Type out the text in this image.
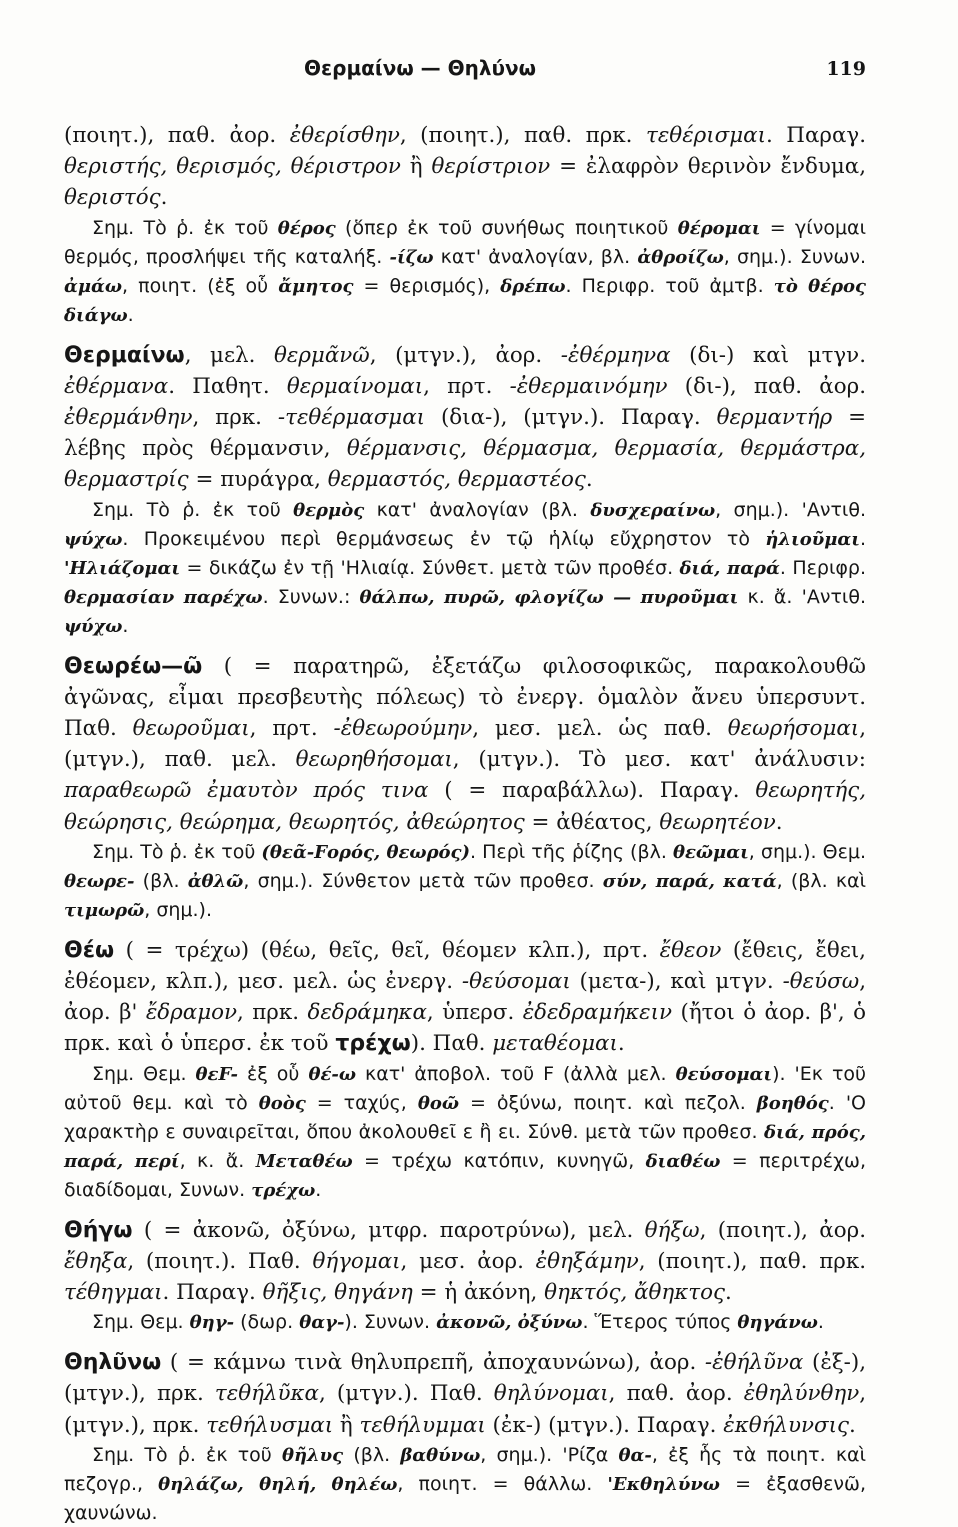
Θερμαίνω — Θηλύνω	119

(ποιητ.), παθ. ἀορ. ἐθερίσθην, (ποιητ.), παθ. πρκ. τεθέρισμαι. Παραγ. θεριστής, θερισμός, θέριστρον ἢ θερίστριον = ἐλαφρὸν θερινὸν ἔνδυμα, θεριστός.

Σημ. Τὸ ῥ. ἐκ τοῦ θέρος (ὅπερ ἐκ τοῦ συνήθως ποιητικοῦ θέρομαι = γίνομαι θερμός, προσλήψει τῆς καταλήξ. -ίζω κατ' ἀναλογίαν, βλ. ἀθροίζω, σημ.). Συνων. ἀμάω, ποιητ. (ἐξ οὗ ἄμητος = θερισμός), δρέπω. Περιφρ. τοῦ ἀμτβ. τὸ θέρος διάγω.

Θερμαίνω, μελ. θερμᾶνῶ, (μτγν.), ἀορ. -ἐθέρμηνα (δι-) καὶ μτγν. ἐθέρμανα. Παθητ. θερμαίνομαι, πρτ. -ἐθερμαινόμην (δι-), παθ. ἀορ. ἐθερμάνθην, πρκ. -τεθέρμασμαι (δια-), (μτγν.). Παραγ. θερμαντήρ = λέβης πρὸς θέρμανσιν, θέρμανσις, θέρμασμα, θερμασία, θερμάστρα, θερμαστρίς = πυράγρα, θερμαστός, θερμαστέος.

Σημ. Τὸ ῥ. ἐκ τοῦ θερμὸς κατ' ἀναλογίαν (βλ. δυσχεραίνω, σημ.). 'Αντιθ. ψύχω. Προκειμένου περὶ θερμάνσεως ἐν τῷ ἡλίῳ εὔχρηστον τὸ ἡλιοῦμαι. 'Ηλιάζομαι = δικάζω ἐν τῇ 'Ηλιαίᾳ. Σύνθετ. μετὰ τῶν προθέσ. διά, παρά. Περιφρ. θερμασίαν παρέχω. Συνων.: θάλπω, πυρῶ, φλογίζω — πυροῦμαι κ. ἄ. 'Αντιθ. ψύχω.

Θεωρέω—ῶ ( = παρατηρῶ, ἐξετάζω φιλοσοφικῶς, παρακολουθῶ ἀγῶνας, εἶμαι πρεσβευτὴς πόλεως) τὸ ἐνεργ. ὁμαλὸν ἄνευ ὑπερσυντ. Παθ. θεωροῦμαι, πρτ. -ἐθεωρούμην, μεσ. μελ. ὡς παθ. θεωρήσομαι, (μτγν.), παθ. μελ. θεωρηθήσομαι, (μτγν.). Τὸ μεσ. κατ' ἀνάλυσιν: παραθεωρῶ ἐμαυτὸν πρός τινα ( = παραβάλλω). Παραγ. θεωρητής, θεώρησις, θεώρημα, θεωρητός, ἀθεώρητος = ἀθέατος, θεωρητέον.

Σημ. Τὸ ῥ. ἐκ τοῦ (θεᾶ-Fορός, θεωρός). Περὶ τῆς ῥίζης (βλ. θεῶμαι, σημ.). Θεμ. θεωρε- (βλ. ἀθλῶ, σημ.). Σύνθετον μετὰ τῶν προθεσ. σύν, παρά, κατά, (βλ. καὶ τιμωρῶ, σημ.).

Θέω ( = τρέχω) (θέω, θεῖς, θεῖ, θέομεν κλπ.), πρτ. ἔθεον (ἔθεις, ἔθει, ἐθέομεν, κλπ.), μεσ. μελ. ὡς ἐνεργ. -θεύσομαι (μετα-), καὶ μτγν. -θεύσω, ἀορ. β' ἔδραμον, πρκ. δεδράμηκα, ὑπερσ. ἐδεδραμήκειν (ἤτοι ὁ ἀορ. β', ὁ πρκ. καὶ ὁ ὑπερσ. ἐκ τοῦ τρέχω). Παθ. μεταθέομαι.

Σημ. Θεμ. θεF- ἐξ οὗ θέ-ω κατ' ἀποβολ. τοῦ F (ἀλλὰ μελ. θεύσομαι). 'Εκ τοῦ αὐτοῦ θεμ. καὶ τὸ θοὸς = ταχύς, θοῶ = ὀξύνω, ποιητ. καὶ πεζολ. βοηθός. 'Ο χαρακτὴρ ε συναιρεῖται, ὅπου ἀκολουθεῖ ε ἢ ει. Σύνθ. μετὰ τῶν προθεσ. διά, πρός, παρά, περί, κ. ἄ. Μεταθέω = τρέχω κατόπιν, κυνηγῶ, διαθέω = περιτρέχω, διαδίδομαι, Συνων. τρέχω.

Θήγω ( = ἀκονῶ, ὀξύνω, μτφρ. παροτρύνω), μελ. θήξω, (ποιητ.), ἀορ. ἔθηξα, (ποιητ.). Παθ. θήγομαι, μεσ. ἀορ. ἐθηξάμην, (ποιητ.), παθ. πρκ. τέθηγμαι. Παραγ. θῆξις, θηγάνη = ἡ ἀκόνη, θηκτός, ἄθηκτος.

Σημ. Θεμ. θηγ- (δωρ. θαγ-). Συνων. ἀκονῶ, ὀξύνω. Ἕτερος τύπος θηγάνω.

Θηλῦνω ( = κάμνω τινὰ θηλυπρεπῆ, ἀποχαυνώνω), ἀορ. -ἐθήλῦνα (ἐξ-), (μτγν.), πρκ. τεθήλῦκα, (μτγν.). Παθ. θηλύνομαι, παθ. ἀορ. ἐθηλύνθην, (μτγν.), πρκ. τεθήλυσμαι ἢ τεθήλυμμαι (ἐκ-) (μτγν.). Παραγ. ἐκθήλυνσις.

Σημ. Τὸ ῥ. ἐκ τοῦ θῆλυς (βλ. βαθύνω, σημ.). 'Ρίζα θα-, ἐξ ἧς τὰ ποιητ. καὶ πεζογρ., θηλάζω, θηλή, θηλέω, ποιητ. = θάλλω. 'Εκθηλύνω = ἐξασθενῶ, χαυνώνω.
